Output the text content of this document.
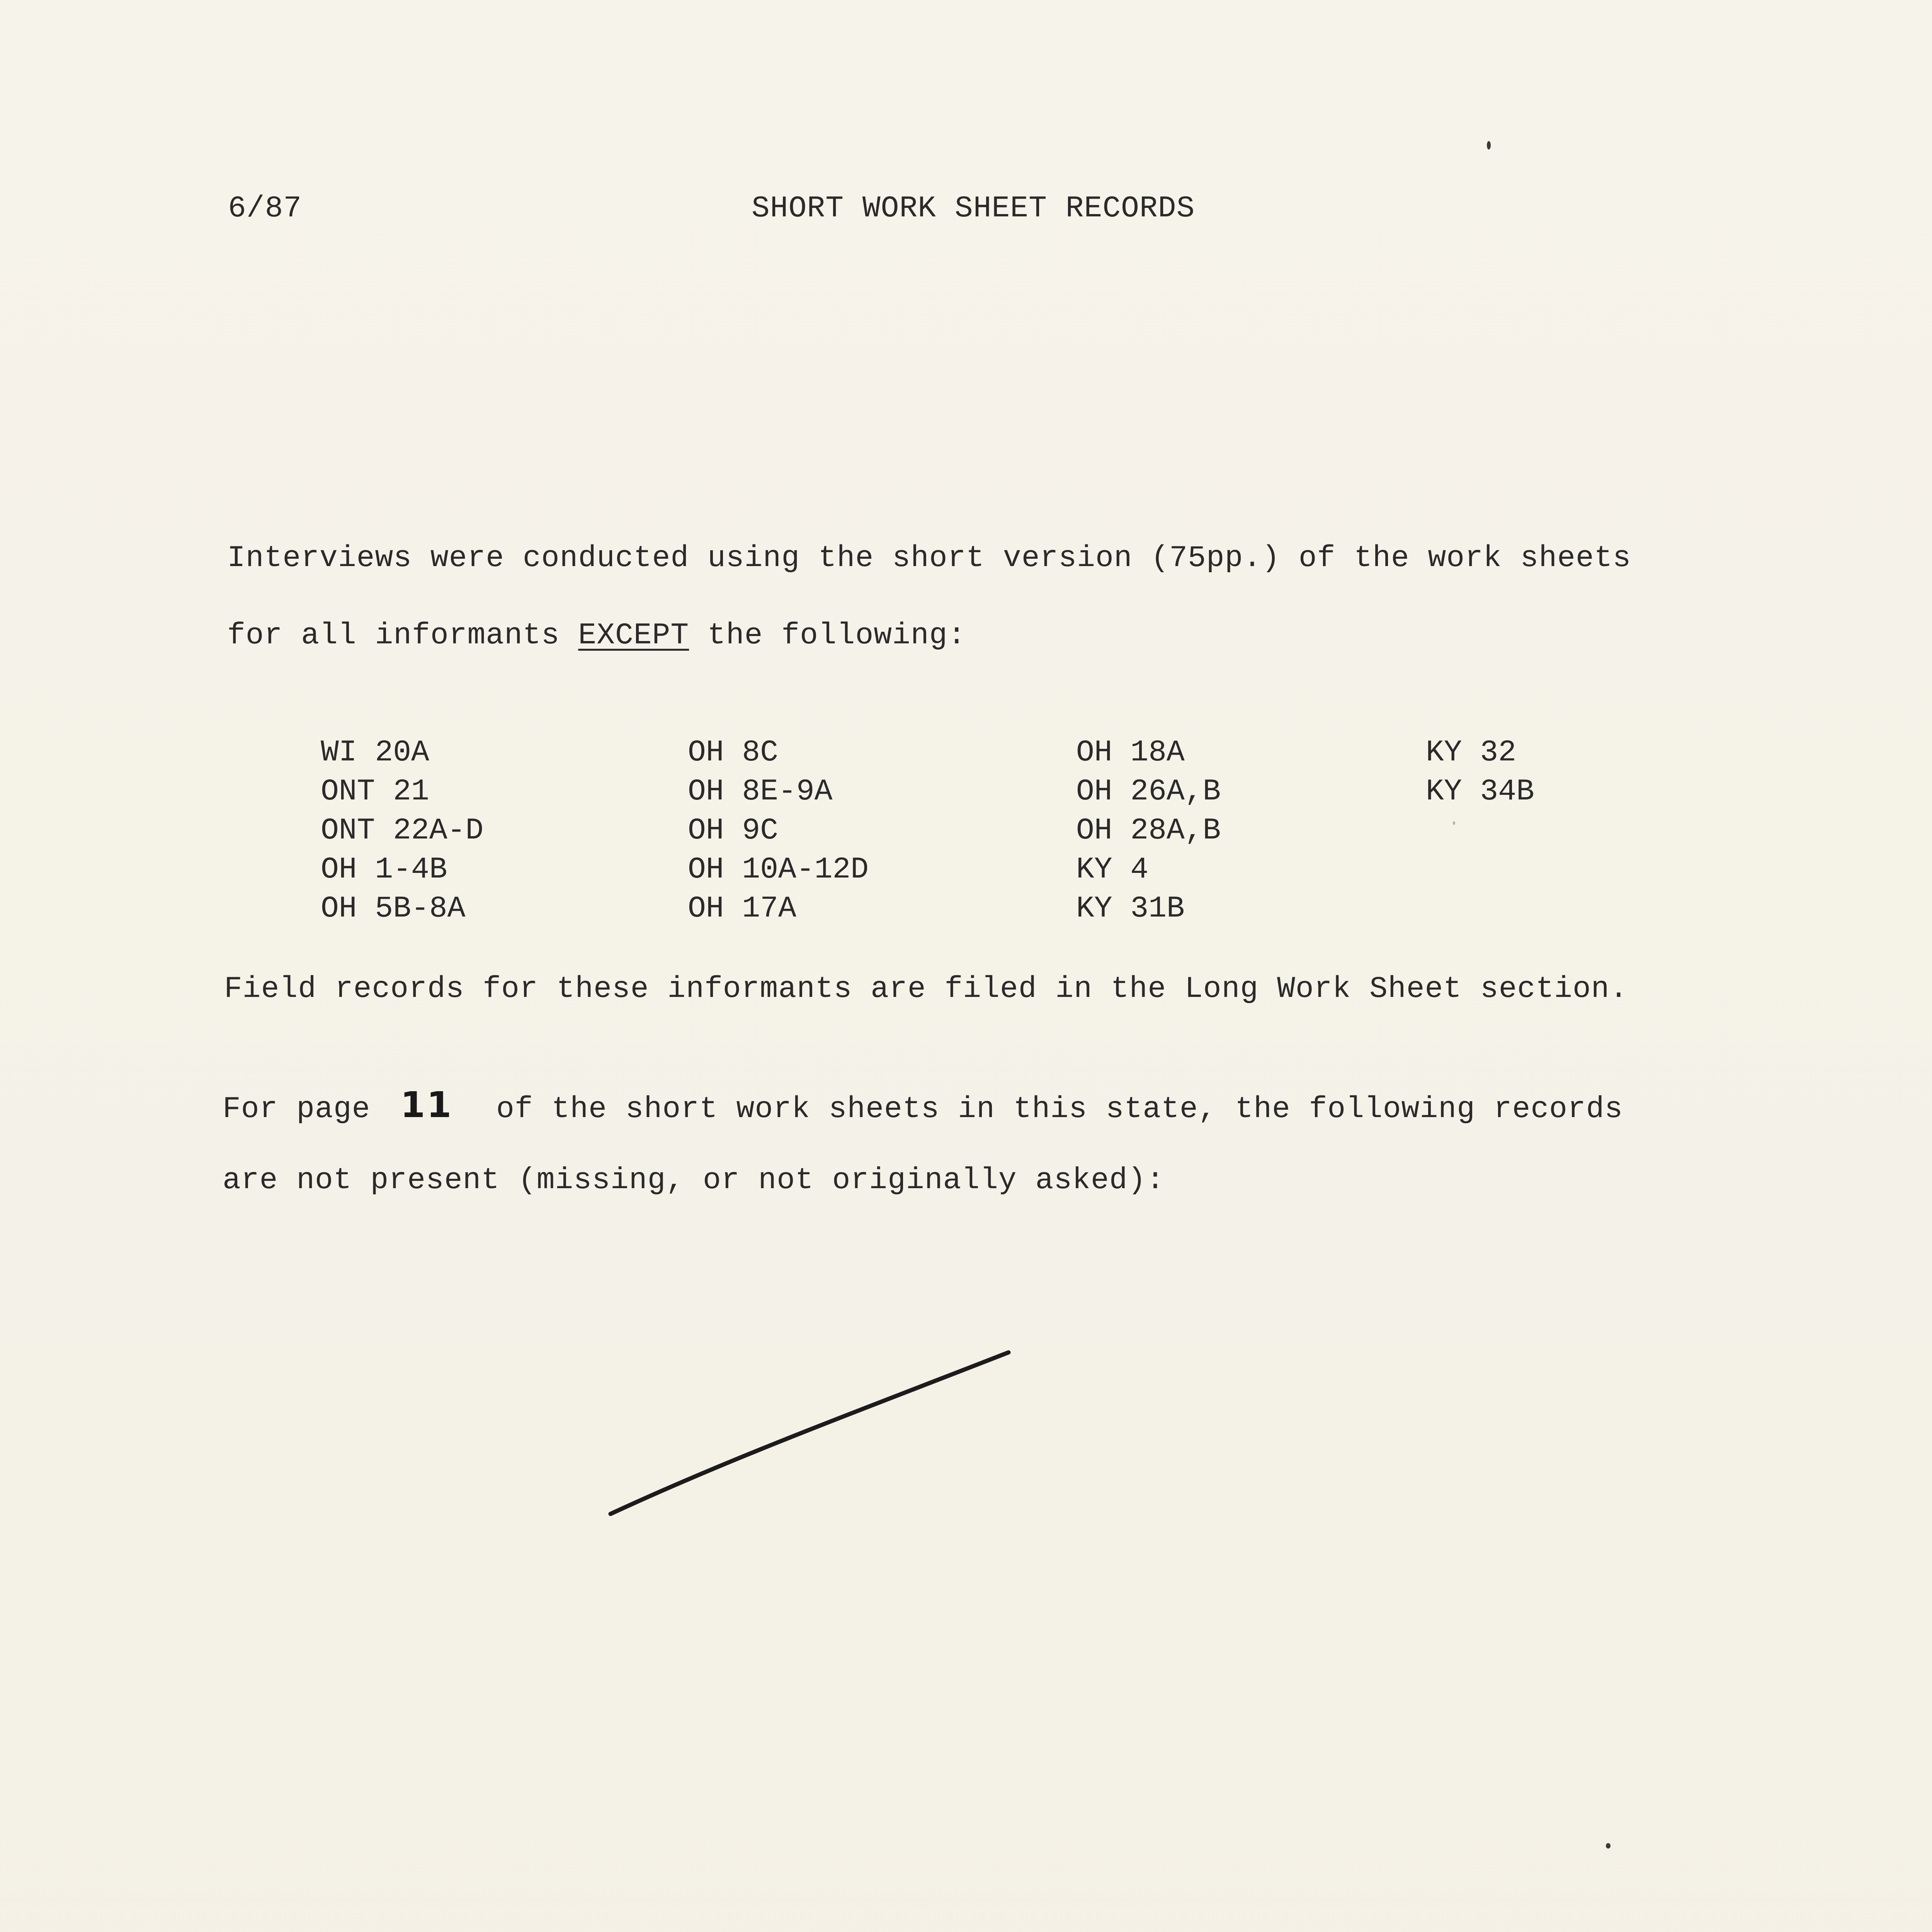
6/87	SHORT WORK SHEET RECORDS
Interviews were conducted using the short version (75pp.) of the work sheets
for all informants EXCEPT the following:
WI 20A
ONT 21
ONT 22A-D
OH 1-4B
OH 5B-8A
OH 8C
OH 8E-9A
OH 9C
OH 10A-12D
OH 17A
OH 18A
OH 26A,B
OH 28A,B
KY 4
KY 31B
KY 32
KY 34B
Field records for these informants are filed in the Long Work Sheet section.
For page 11 of the short work sheets in this state, the following records
are not present (missing, or not originally asked):
